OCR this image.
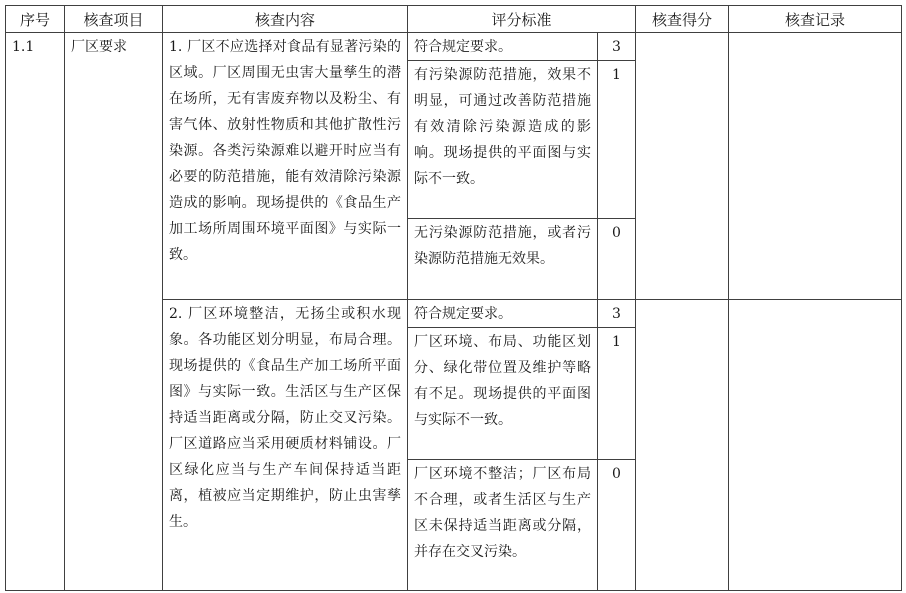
序号	核查项目	核查内容	评分标准		核查得分	核查记录

1.1	厂区要求	1. 厂区不应选择对食品有显著污染的区域。厂区周围无虫害大量孳生的潜在场所，无有害废弃物以及粉尘、有害气体、放射性物质和其他扩散性污染源。各类污染源难以避开时应当有必要的防范措施，能有效清除污染源造成的影响。现场提供的《食品生产加工场所周围环境平面图》与实际一致。	符合规定要求。	3		

			有污染源防范措施，效果不明显，可通过改善防范措施有效清除污染源造成的影响。现场提供的平面图与实际不一致。	1		

			无污染源防范措施，或者污染源防范措施无效果。	0		

		2. 厂区环境整洁，无扬尘或积水现象。各功能区划分明显，布局合理。现场提供的《食品生产加工场所平面图》与实际一致。生活区与生产区保持适当距离或分隔，防止交叉污染。厂区道路应当采用硬质材料铺设。厂区绿化应当与生产车间保持适当距离，植被应当定期维护，防止虫害孳生。	符合规定要求。	3		

			厂区环境、布局、功能区划分、绿化带位置及维护等略有不足。现场提供的平面图与实际不一致。	1		

			厂区环境不整洁；厂区布局不合理，或者生活区与生产区未保持适当距离或分隔，并存在交叉污染。	0		
